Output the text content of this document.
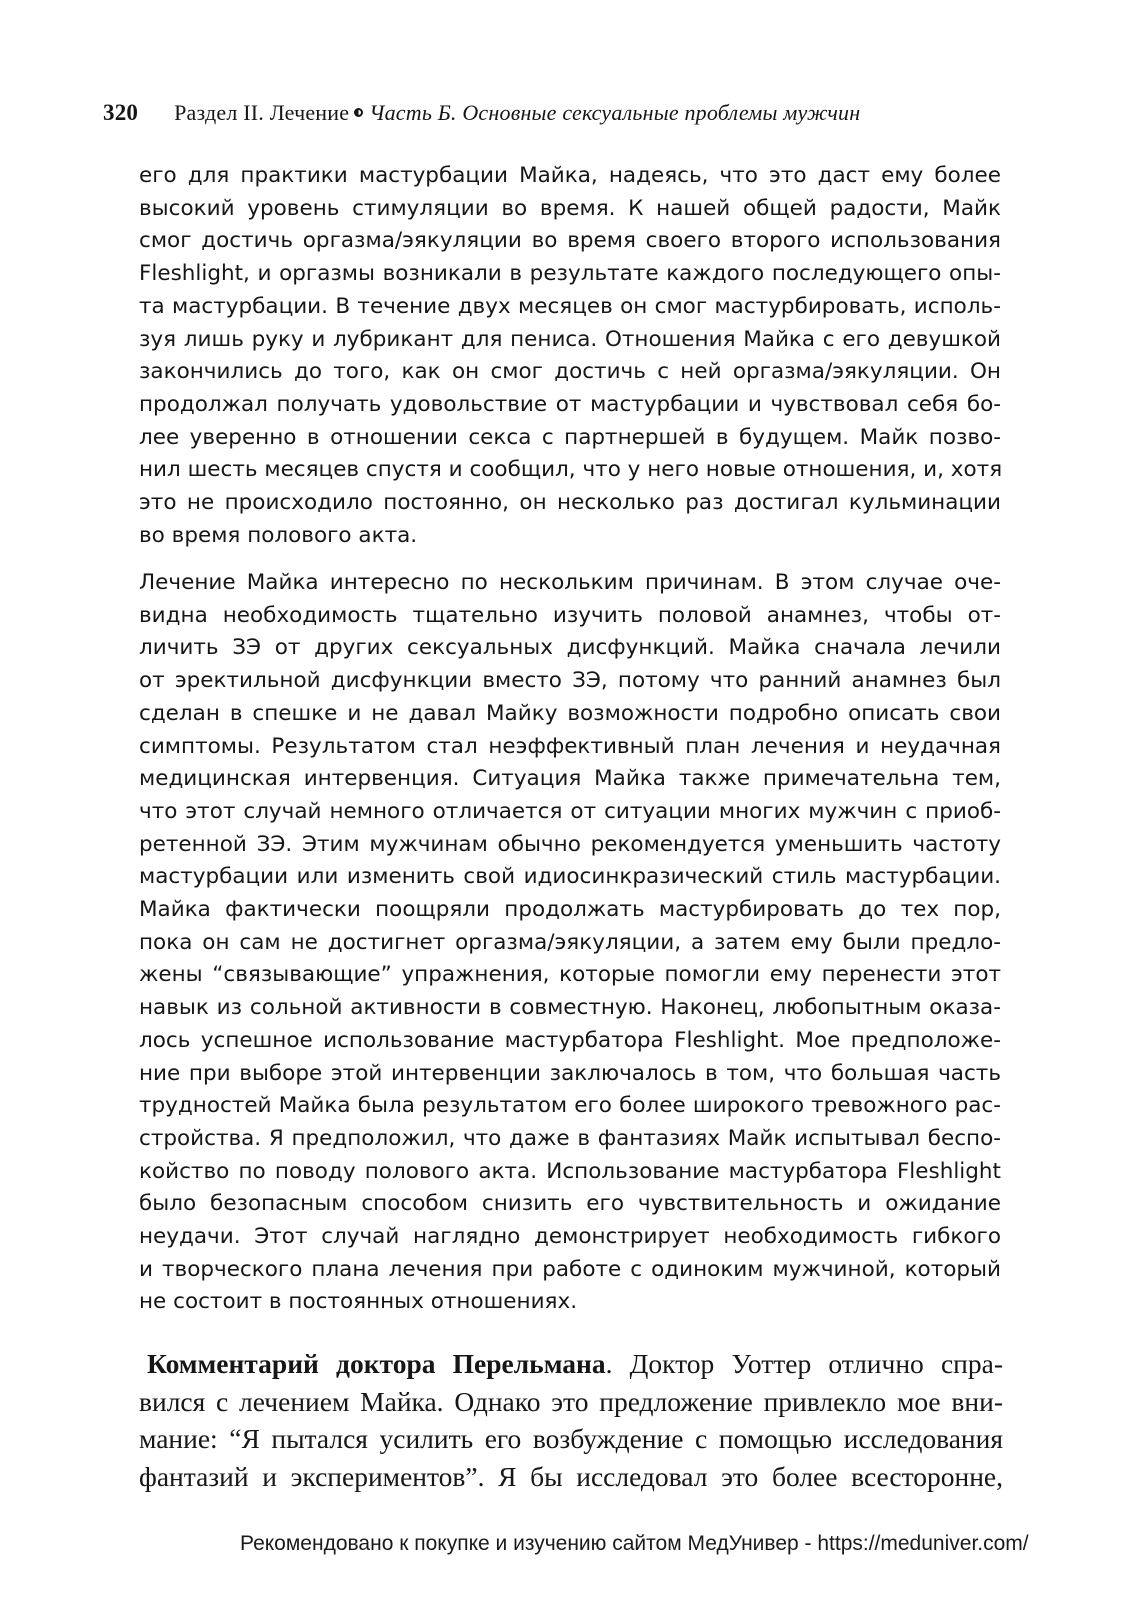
320 Раздел II. Лечение Часть Б. Основные сексуальные проблемы мужчин
его для практики мастурбации Майка, надеясь, что это даст ему более
высокий уровень стимуляции во время. К нашей общей радости, Майк
смог достичь оргазма/эякуляции во время своего второго использования
Fleshlight, и оргазмы возникали в результате каждого последующего опы-
та мастурбации. В течение двух месяцев он смог мастурбировать, исполь-
зуя лишь руку и лубрикант для пениса. Отношения Майка с его девушкой
закончились до того, как он смог достичь с ней оргазма/эякуляции. Он
продолжал получать удовольствие от мастурбации и чувствовал себя бо-
лее уверенно в отношении секса с партнершей в будущем. Майк позво-
нил шесть месяцев спустя и сообщил, что у него новые отношения, и, хотя
это не происходило постоянно, он несколько раз достигал кульминации
во время полового акта.
Лечение Майка интересно по нескольким причинам. В этом случае оче-
видна необходимость тщательно изучить половой анамнез, чтобы от-
личить ЗЭ от других сексуальных дисфункций. Майка сначала лечили
от эректильной дисфункции вместо ЗЭ, потому что ранний анамнез был
сделан в спешке и не давал Майку возможности подробно описать свои
симптомы. Результатом стал неэффективный план лечения и неудачная
медицинская интервенция. Ситуация Майка также примечательна тем,
что этот случай немного отличается от ситуации многих мужчин с приоб-
ретенной ЗЭ. Этим мужчинам обычно рекомендуется уменьшить частоту
мастурбации или изменить свой идиосинкразический стиль мастурбации.
Майка фактически поощряли продолжать мастурбировать до тех пор,
пока он сам не достигнет оргазма/эякуляции, а затем ему были предло-
жены “связывающие” упражнения, которые помогли ему перенести этот
навык из сольной активности в совместную. Наконец, любопытным оказа-
лось успешное использование мастурбатора Fleshlight. Мое предположе-
ние при выборе этой интервенции заключалось в том, что большая часть
трудностей Майка была результатом его более широкого тревожного рас-
стройства. Я предположил, что даже в фантазиях Майк испытывал беспо-
койство по поводу полового акта. Использование мастурбатора Fleshlight
было безопасным способом снизить его чувствительность и ожидание
неудачи. Этот случай наглядно демонстрирует необходимость гибкого
и творческого плана лечения при работе с одиноким мужчиной, который
не состоит в постоянных отношениях.
Комментарий доктора Перельмана. Доктор Уоттер отлично спра-
вился с лечением Майка. Однако это предложение привлекло мое вни-
мание: “Я пытался усилить его возбуждение с помощью исследования
фантазий и экспериментов”. Я бы исследовал это более всесторонне,
Рекомендовано к покупке и изучению сайтом МедУнивер - https://meduniver.com/
